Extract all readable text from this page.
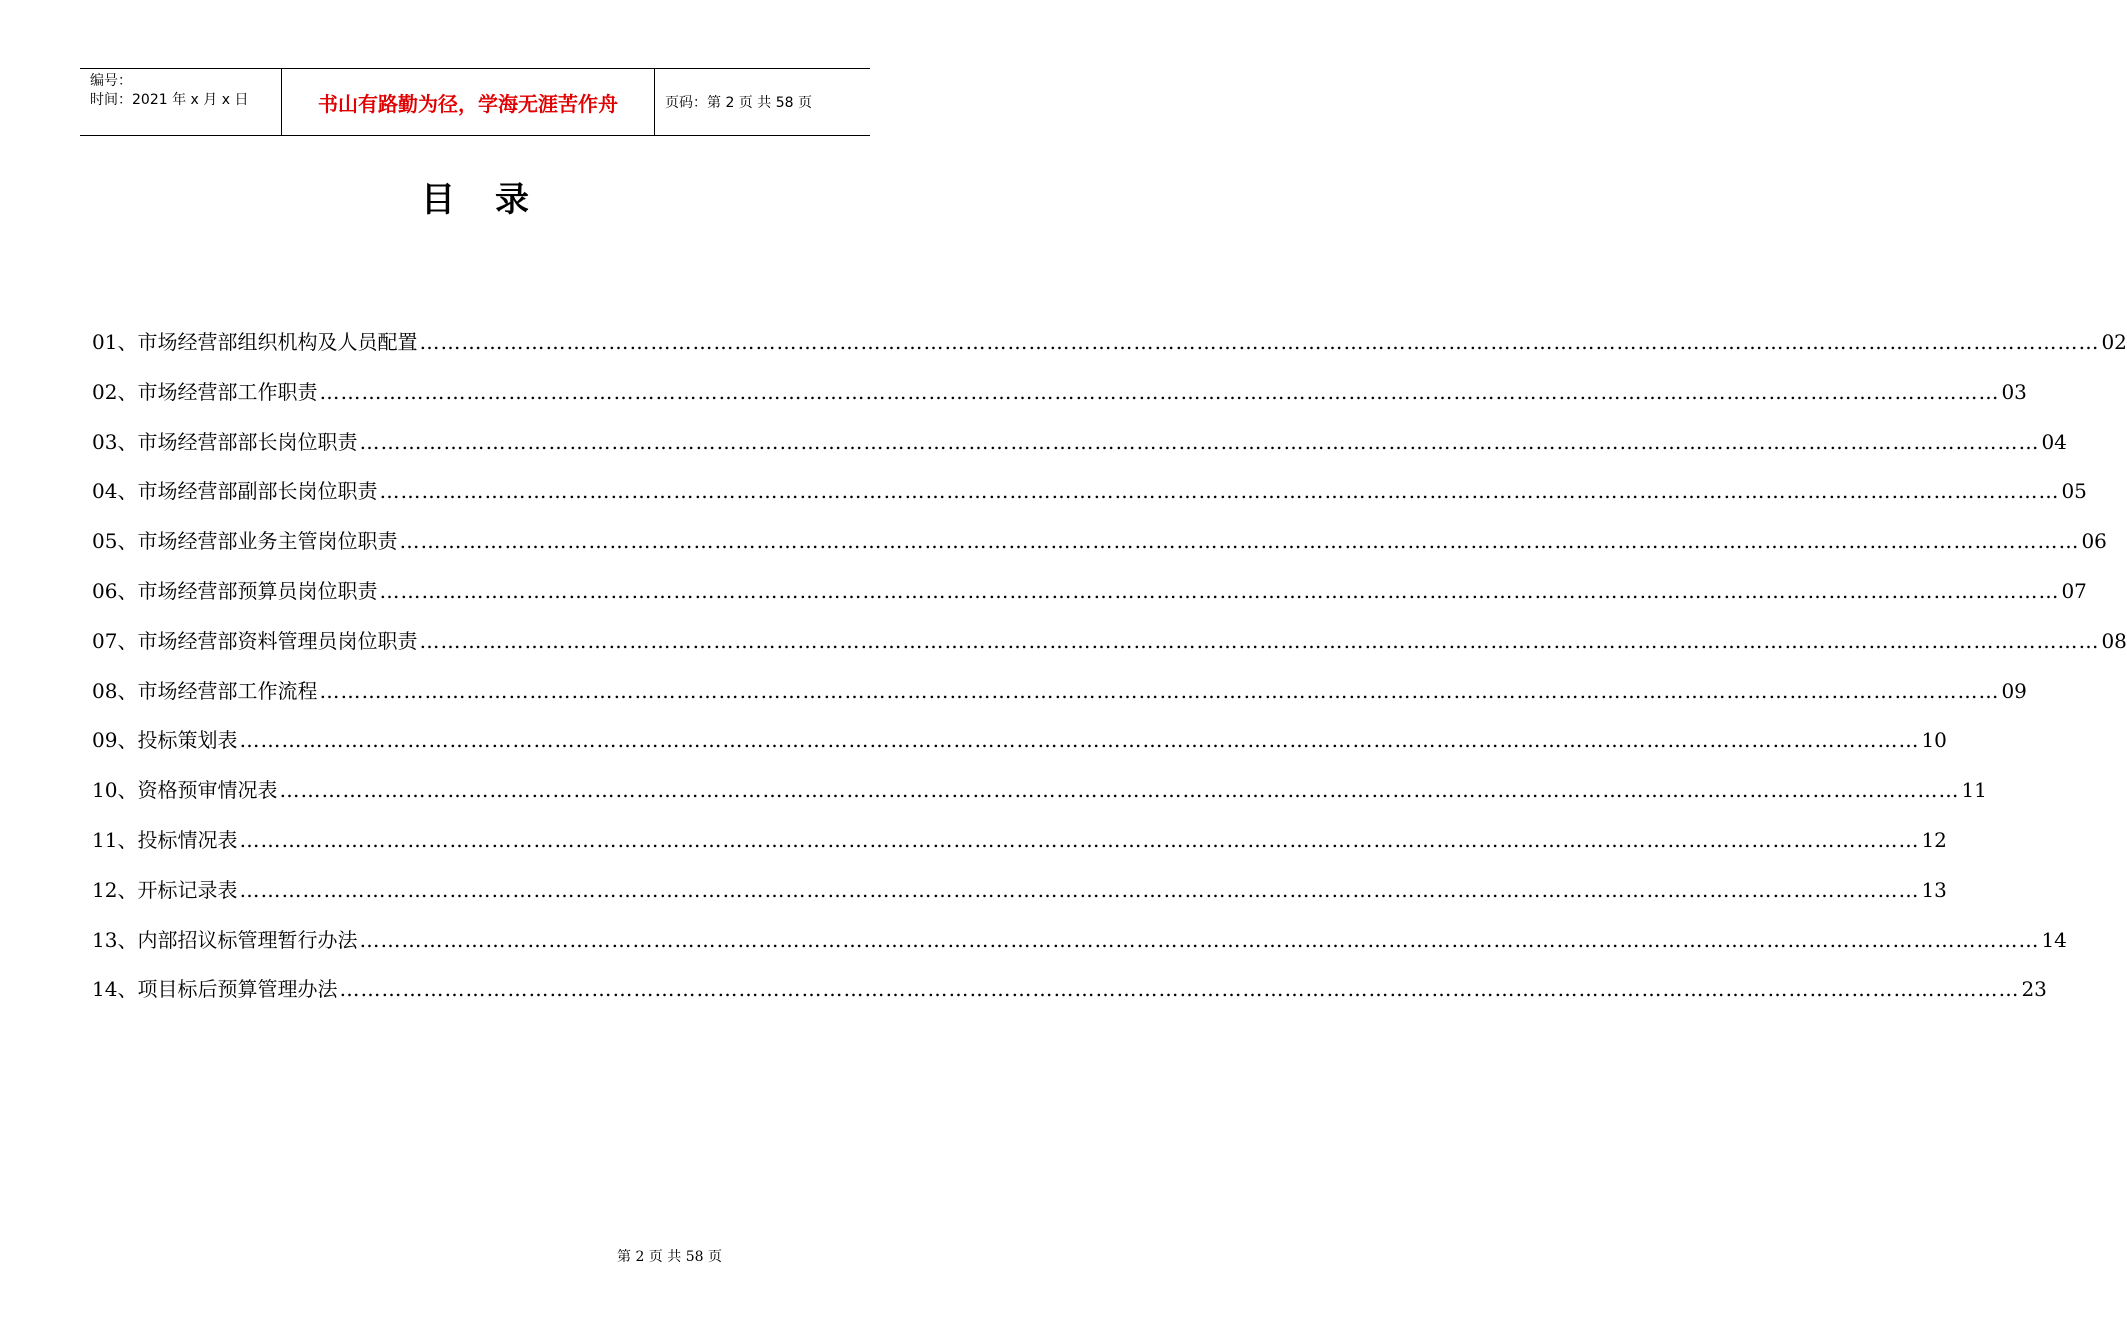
编号：
时间：2021 年 x 月 x 日	书山有路勤为径，学海无涯苦作舟	页码：第 2 页 共 58 页
目录
01、市场经营部组织机构及人员配置 …………………………………………………………………………………………………………………………………………………………………………………………………………………… 02
02、市场经营部工作职责 …………………………………………………………………………………………………………………………………………………………………………………………………………………… 03
03、市场经营部部长岗位职责 …………………………………………………………………………………………………………………………………………………………………………………………………………………… 04
04、市场经营部副部长岗位职责 …………………………………………………………………………………………………………………………………………………………………………………………………………………… 05
05、市场经营部业务主管岗位职责 …………………………………………………………………………………………………………………………………………………………………………………………………………………… 06
06、市场经营部预算员岗位职责 …………………………………………………………………………………………………………………………………………………………………………………………………………………… 07
07、市场经营部资料管理员岗位职责 …………………………………………………………………………………………………………………………………………………………………………………………………………………… 08
08、市场经营部工作流程 …………………………………………………………………………………………………………………………………………………………………………………………………………………… 09
09、投标策划表 …………………………………………………………………………………………………………………………………………………………………………………………………………………… 10
10、资格预审情况表 …………………………………………………………………………………………………………………………………………………………………………………………………………………… 11
11、投标情况表 …………………………………………………………………………………………………………………………………………………………………………………………………………………… 12
12、开标记录表 …………………………………………………………………………………………………………………………………………………………………………………………………………………… 13
13、内部招议标管理暂行办法 …………………………………………………………………………………………………………………………………………………………………………………………………………………… 14
14、项目标后预算管理办法 …………………………………………………………………………………………………………………………………………………………………………………………………………………… 23
第 2 页 共 58 页
